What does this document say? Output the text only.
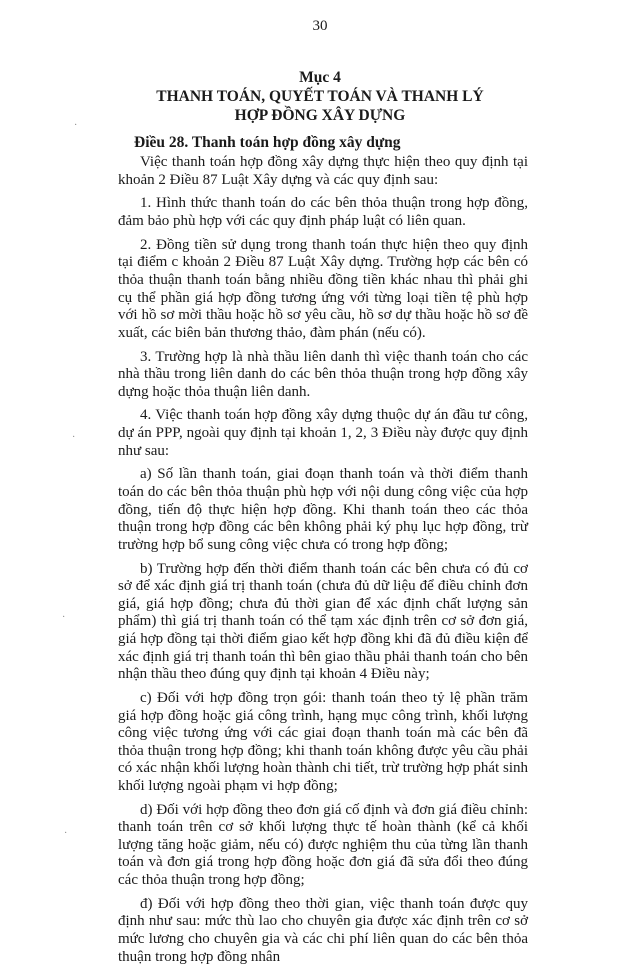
30
Mục 4
THANH TOÁN, QUYẾT TOÁN VÀ THANH LÝ
HỢP ĐỒNG XÂY DỰNG
Điều 28. Thanh toán hợp đồng xây dựng

Việc thanh toán hợp đồng xây dựng thực hiện theo quy định tại khoản 2 Điều 87 Luật Xây dựng và các quy định sau:

1. Hình thức thanh toán do các bên thỏa thuận trong hợp đồng, đảm bảo phù hợp với các quy định pháp luật có liên quan.

2. Đồng tiền sử dụng trong thanh toán thực hiện theo quy định tại điểm c khoản 2 Điều 87 Luật Xây dựng. Trường hợp các bên có thỏa thuận thanh toán bằng nhiều đồng tiền khác nhau thì phải ghi cụ thể phần giá hợp đồng tương ứng với từng loại tiền tệ phù hợp với hồ sơ mời thầu hoặc hồ sơ yêu cầu, hồ sơ dự thầu hoặc hồ sơ đề xuất, các biên bản thương thảo, đàm phán (nếu có).

3. Trường hợp là nhà thầu liên danh thì việc thanh toán cho các nhà thầu trong liên danh do các bên thỏa thuận trong hợp đồng xây dựng hoặc thỏa thuận liên danh.

4. Việc thanh toán hợp đồng xây dựng thuộc dự án đầu tư công, dự án PPP, ngoài quy định tại khoản 1, 2, 3 Điều này được quy định như sau:

a) Số lần thanh toán, giai đoạn thanh toán và thời điểm thanh toán do các bên thỏa thuận phù hợp với nội dung công việc của hợp đồng, tiến độ thực hiện hợp đồng. Khi thanh toán theo các thỏa thuận trong hợp đồng các bên không phải ký phụ lục hợp đồng, trừ trường hợp bổ sung công việc chưa có trong hợp đồng;

b) Trường hợp đến thời điểm thanh toán các bên chưa có đủ cơ sở để xác định giá trị thanh toán (chưa đủ dữ liệu để điều chỉnh đơn giá, giá hợp đồng; chưa đủ thời gian để xác định chất lượng sản phẩm) thì giá trị thanh toán có thể tạm xác định trên cơ sở đơn giá, giá hợp đồng tại thời điểm giao kết hợp đồng khi đã đủ điều kiện để xác định giá trị thanh toán thì bên giao thầu phải thanh toán cho bên nhận thầu theo đúng quy định tại khoản 4 Điều này;

c) Đối với hợp đồng trọn gói: thanh toán theo tỷ lệ phần trăm giá hợp đồng hoặc giá công trình, hạng mục công trình, khối lượng công việc tương ứng với các giai đoạn thanh toán mà các bên đã thỏa thuận trong hợp đồng; khi thanh toán không được yêu cầu phải có xác nhận khối lượng hoàn thành chi tiết, trừ trường hợp phát sinh khối lượng ngoài phạm vi hợp đồng;

d) Đối với hợp đồng theo đơn giá cố định và đơn giá điều chỉnh: thanh toán trên cơ sở khối lượng thực tế hoàn thành (kể cả khối lượng tăng hoặc giảm, nếu có) được nghiệm thu của từng lần thanh toán và đơn giá trong hợp đồng hoặc đơn giá đã sửa đổi theo đúng các thỏa thuận trong hợp đồng;

đ) Đối với hợp đồng theo thời gian, việc thanh toán được quy định như sau: mức thù lao cho chuyên gia được xác định trên cơ sở mức lương cho chuyên gia và các chi phí liên quan do các bên thỏa thuận trong hợp đồng nhân

·
·
·
·
